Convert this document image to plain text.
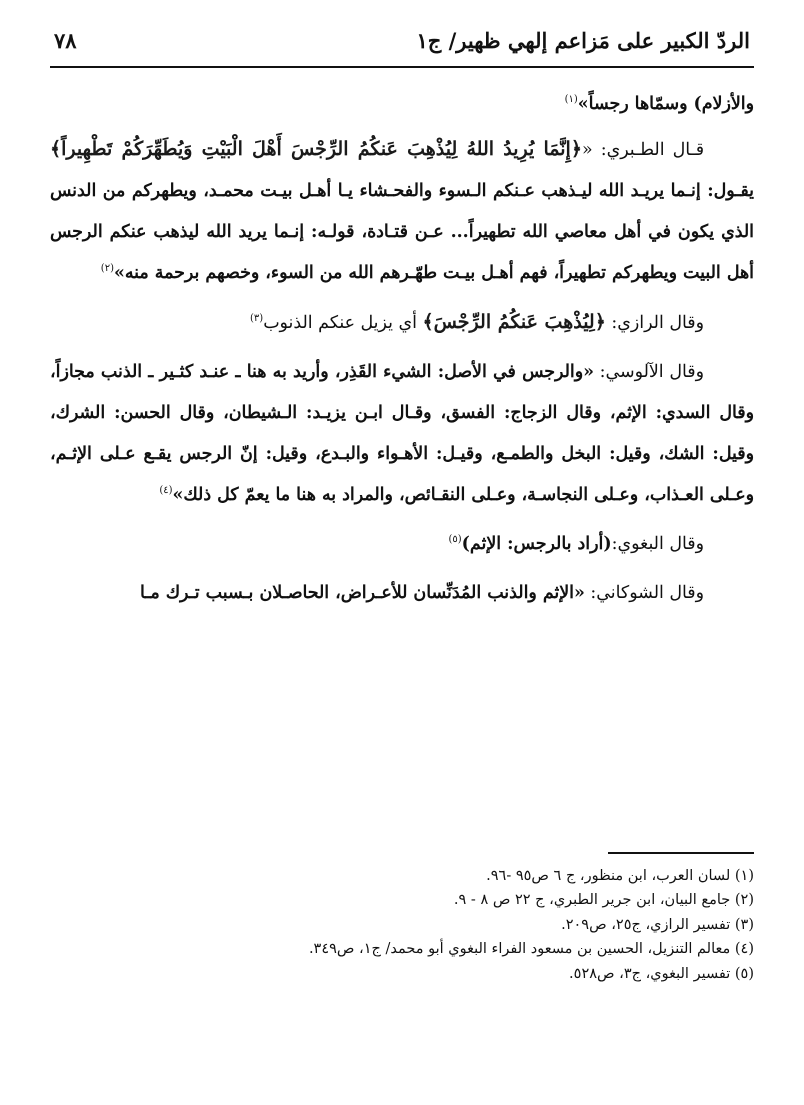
الردّ الكبير على مَزاعم إلهي ظهير/ ج١
٧٨

والأزلام) وسمّاها رجساً»$^{(١)}$

قـال الطـبري: «﴿إِنَّمَا يُرِيدُ اللهُ لِيُذْهِبَ عَنكُمُ الرِّجْسَ أَهْلَ الْبَيْتِ وَيُطَهِّرَكُمْ تَطْهِيراً﴾ يقـول: إنـما يريـد الله ليـذهب عـنكم الـسوء والفحـشاء يـا أهـل بيـت محمـد، ويطهركم من الدنس الذي يكون في أهل معاصي الله تطهيراً... عـن قتـادة، قولـه: إنـما يريد الله ليذهب عنكم الرجس أهل البيت ويطهركم تطهيراً، فهم أهـل بيـت طهّـرهم الله من السوء، وخصهم برحمة منه»$^{(٢)}$

وقال الرازي: ﴿لِيُذْهِبَ عَنكُمُ الرِّجْسَ﴾ أي يزيل عنكم الذنوب$^{(٣)}$

وقال الآلوسي: «والرجس في الأصل: الشيء القَذِر، وأريد به هنا ـ عنـد كثـير ـ الذنب مجازاً، وقال السدي: الإثم، وقال الزجاج: الفسق، وقـال ابـن يزيـد: الـشيطان، وقال الحسن: الشرك، وقيل: الشك، وقيل: البخل والطمـع، وقيـل: الأهـواء والبـدع، وقيل: إنّ الرجس يقـع عـلى الإثـم، وعـلى العـذاب، وعـلى النجاسـة، وعـلى النقـائص، والمراد به هنا ما يعمّ كل ذلك»$^{(٤)}$

وقال البغوي:(أراد بالرجس: الإثم)$^{(٥)}$

وقال الشوكاني: «الإثم والذنب المُدَنِّسان للأعـراض، الحاصـلان بـسبب تـرك مـا

(١) لسان العرب، ابن منظور، ج ٦ ص٩٥ -٩٦.
(٢) جامع البيان، ابن جرير الطبري، ج ٢٢ ص ٨ - ٩.
(٣) تفسير الرازي، ج٢٥، ص٢٠٩.
(٤) معالم التنزيل، الحسين بن مسعود الفراء البغوي أبو محمد/ ج١، ص٣٤٩.
(٥) تفسير البغوي، ج٣، ص٥٢٨.
